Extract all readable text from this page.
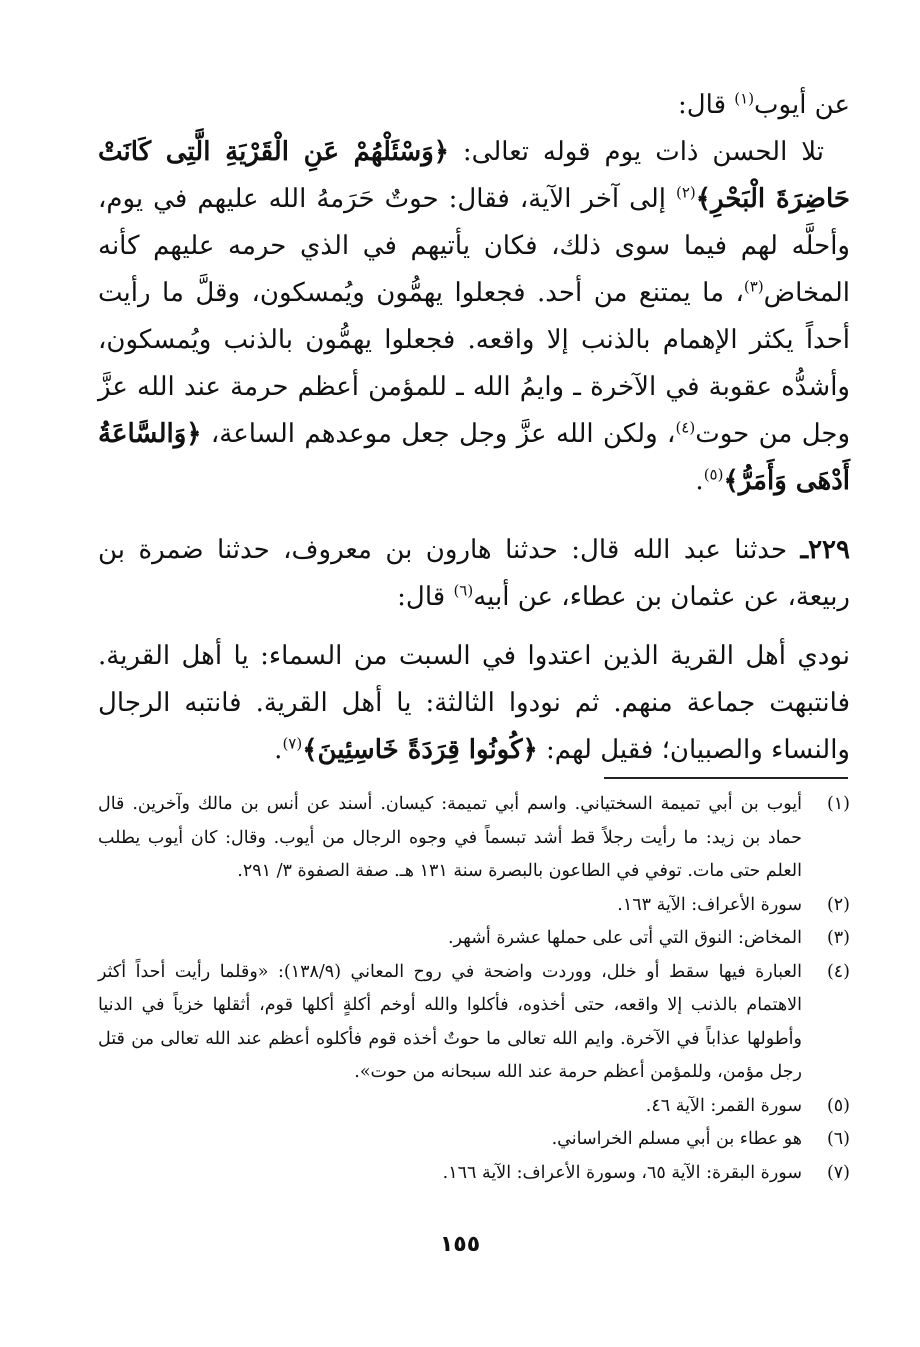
عن أيوب$^{(١)}$ قال:

تلا الحسن ذات يوم قوله تعالى: ﴿وَسْئَلْهُمْ عَنِ الْقَرْيَةِ الَّتِى كَانَتْ حَاضِرَةَ الْبَحْرِ﴾$^{(٢)}$ إلى آخر الآية، فقال: حوتٌ حَرَمهُ الله عليهم في يوم، وأحلَّه لهم فيما سوى ذلك، فكان يأتيهم في الذي حرمه عليهم كأنه المخاض$^{(٣)}$، ما يمتنع من أحد. فجعلوا يهمُّون ويُمسكون، وقلَّ ما رأيت أحداً يكثر الإهمام بالذنب إلا واقعه. فجعلوا يهمُّون بالذنب ويُمسكون، وأشدُّه عقوبة في الآخرة ـ وايمُ الله ـ للمؤمن أعظم حرمة عند الله عزَّ وجل من حوت$^{(٤)}$، ولكن الله عزَّ وجل جعل موعدهم الساعة، ﴿وَالسَّاعَةُ أَدْهَى وَأَمَرُّ﴾$^{(٥)}$.

٢٢٩ـ حدثنا عبد الله قال: حدثنا هارون بن معروف، حدثنا ضمرة بن ربيعة، عن عثمان بن عطاء، عن أبيه$^{(٦)}$ قال:

نودي أهل القرية الذين اعتدوا في السبت من السماء: يا أهل القرية. فانتبهت جماعة منهم. ثم نودوا الثالثة: يا أهل القرية. فانتبه الرجال والنساء والصبيان؛ فقيل لهم: ﴿كُونُوا قِرَدَةً خَاسِئِينَ﴾$^{(٧)}$.

(١)
أيوب بن أبي تميمة السختياني. واسم أبي تميمة: كيسان. أسند عن أنس بن مالك وآخرين. قال حماد بن زيد: ما رأيت رجلاً قط أشد تبسماً في وجوه الرجال من أيوب. وقال: كان أيوب يطلب العلم حتى مات. توفي في الطاعون بالبصرة سنة ١٣١ هـ. صفة الصفوة ٣/ ٢٩١.
(٢)
سورة الأعراف: الآية ١٦٣.
(٣)
المخاض: النوق التي أتى على حملها عشرة أشهر.
(٤)
العبارة فيها سقط أو خلل، ووردت واضحة في روح المعاني (١٣٨/٩): «وقلما رأيت أحداً أكثر الاهتمام بالذنب إلا واقعه، حتى أخذوه، فأكلوا والله أوخم أكلةٍ أكلها قوم، أثقلها خزياً في الدنيا وأطولها عذاباً في الآخرة. وايم الله تعالى ما حوتٌ أخذه قوم فأكلوه أعظم عند الله تعالى من قتل رجل مؤمن، وللمؤمن أعظم حرمة عند الله سبحانه من حوت».
(٥)
سورة القمر: الآية ٤٦.
(٦)
هو عطاء بن أبي مسلم الخراساني.
(٧)
سورة البقرة: الآية ٦٥، وسورة الأعراف: الآية ١٦٦.
١٥٥
